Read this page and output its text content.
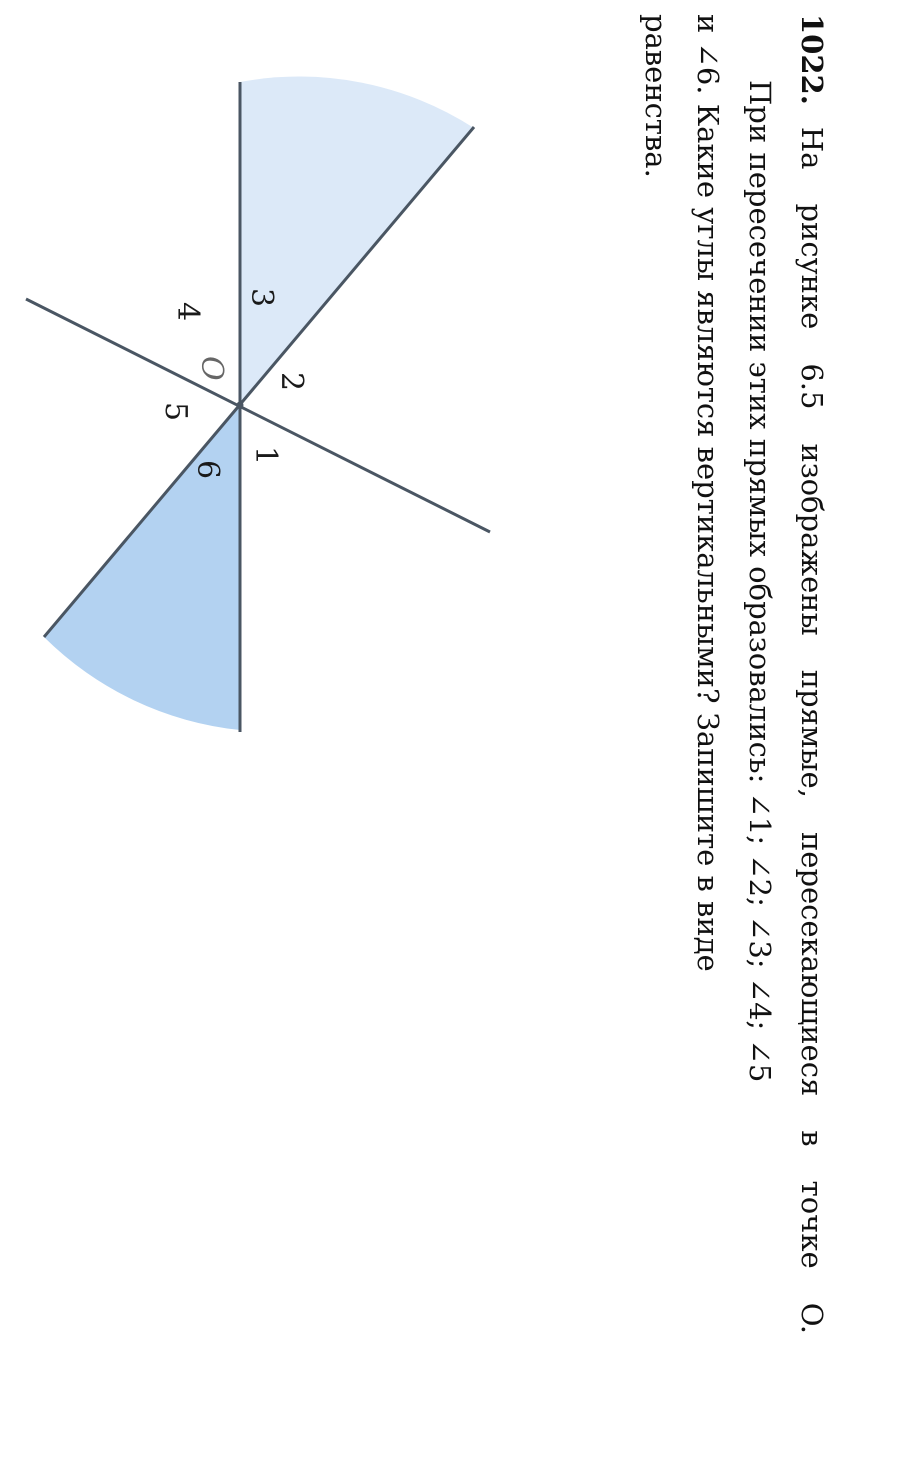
1022.На рисунке 6.5 изображены прямые, пересекающиеся в точке O.
При пересечении этих прямых образовались: ∠1; ∠2; ∠3; ∠4; ∠5
и ∠6. Какие углы являются вертикальными? Запишите в виде
равенства.

1
2
3
4
5
6
O
